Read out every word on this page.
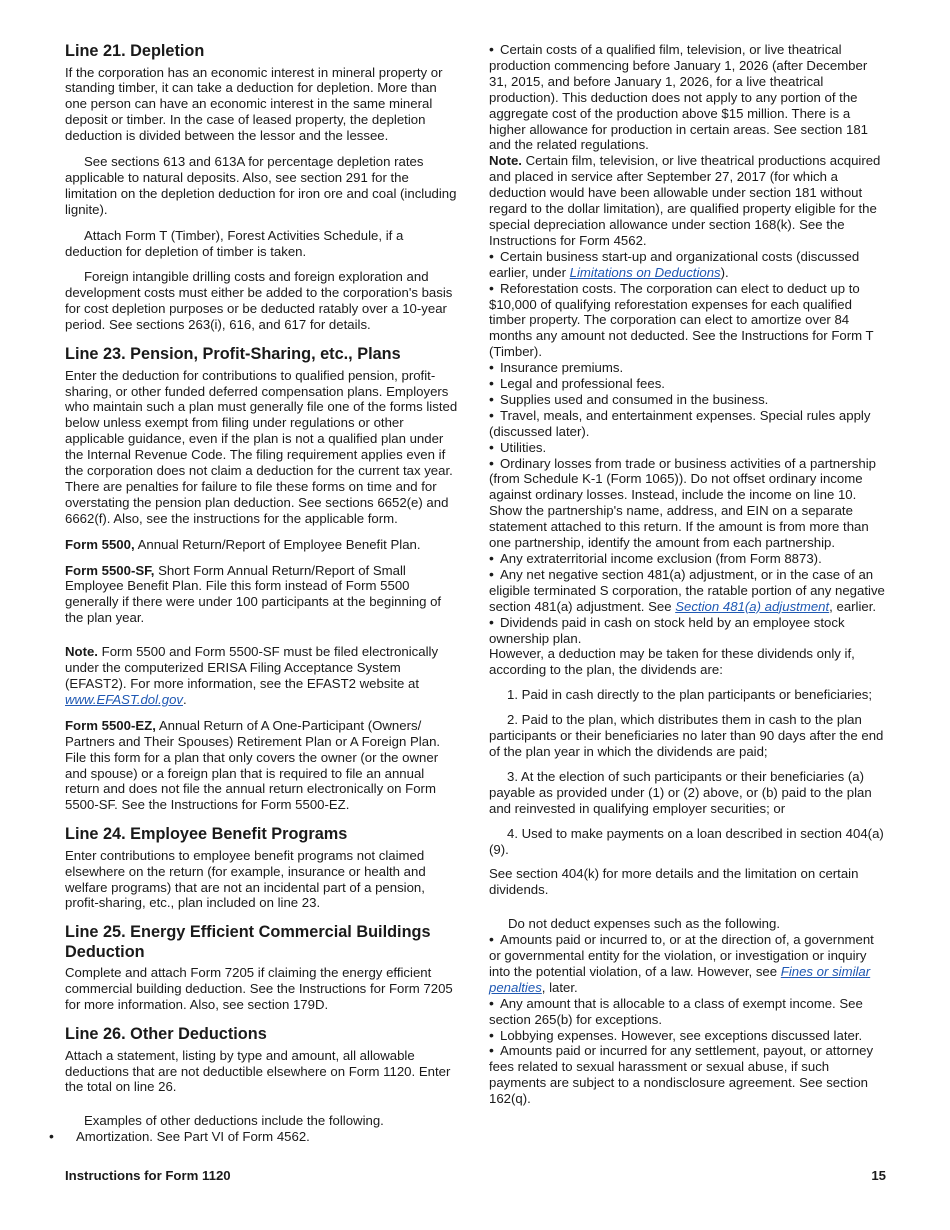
Line 21. Depletion

If the corporation has an economic interest in mineral property or standing timber, it can take a deduction for depletion. More than one person can have an economic interest in the same mineral deposit or timber. In the case of leased property, the depletion deduction is divided between the lessor and the lessee.

See sections 613 and 613A for percentage depletion rates applicable to natural deposits. Also, see section 291 for the limitation on the depletion deduction for iron ore and coal (including lignite).

Attach Form T (Timber), Forest Activities Schedule, if a deduction for depletion of timber is taken.

Foreign intangible drilling costs and foreign exploration and development costs must either be added to the corporation's basis for cost depletion purposes or be deducted ratably over a 10-year period. See sections 263(i), 616, and 617 for details.

Line 23. Pension, Profit-Sharing, etc., Plans

Enter the deduction for contributions to qualified pension, profit-sharing, or other funded deferred compensation plans. Employers who maintain such a plan must generally file one of the forms listed below unless exempt from filing under regulations or other applicable guidance, even if the plan is not a qualified plan under the Internal Revenue Code. The filing requirement applies even if the corporation does not claim a deduction for the current tax year. There are penalties for failure to file these forms on time and for overstating the pension plan deduction. See sections 6652(e) and 6662(f). Also, see the instructions for the applicable form.

Form 5500, Annual Return/Report of Employee Benefit Plan.

Form 5500-SF, Short Form Annual Return/Report of Small Employee Benefit Plan. File this form instead of Form 5500 generally if there were under 100 participants at the beginning of the plan year.

Note. Form 5500 and Form 5500-SF must be filed electronically under the computerized ERISA Filing Acceptance System (EFAST2). For more information, see the EFAST2 website at www.EFAST.dol.gov.

Form 5500-EZ, Annual Return of A One-Participant (Owners/ Partners and Their Spouses) Retirement Plan or A Foreign Plan. File this form for a plan that only covers the owner (or the owner and spouse) or a foreign plan that is required to file an annual return and does not file the annual return electronically on Form 5500-SF. See the Instructions for Form 5500-EZ.

Line 24. Employee Benefit Programs

Enter contributions to employee benefit programs not claimed elsewhere on the return (for example, insurance or health and welfare programs) that are not an incidental part of a pension, profit-sharing, etc., plan included on line 23.

Line 25. Energy Efficient Commercial Buildings Deduction

Complete and attach Form 7205 if claiming the energy efficient commercial building deduction. See the Instructions for Form 7205 for more information. Also, see section 179D.

Line 26. Other Deductions

Attach a statement, listing by type and amount, all allowable deductions that are not deductible elsewhere on Form 1120. Enter the total on line 26.

Examples of other deductions include the following.

• Amortization. See Part VI of Form 4562.

• Certain costs of a qualified film, television, or live theatrical production commencing before January 1, 2026 (after December 31, 2015, and before January 1, 2026, for a live theatrical production). This deduction does not apply to any portion of the aggregate cost of the production above $15 million. There is a higher allowance for production in certain areas. See section 181 and the related regulations.

Note. Certain film, television, or live theatrical productions acquired and placed in service after September 27, 2017 (for which a deduction would have been allowable under section 181 without regard to the dollar limitation), are qualified property eligible for the special depreciation allowance under section 168(k). See the Instructions for Form 4562.

• Certain business start-up and organizational costs (discussed earlier, under Limitations on Deductions).

• Reforestation costs. The corporation can elect to deduct up to $10,000 of qualifying reforestation expenses for each qualified timber property. The corporation can elect to amortize over 84 months any amount not deducted. See the Instructions for Form T (Timber).

• Insurance premiums.

• Legal and professional fees.

• Supplies used and consumed in the business.

• Travel, meals, and entertainment expenses. Special rules apply (discussed later).

• Utilities.

• Ordinary losses from trade or business activities of a partnership (from Schedule K-1 (Form 1065)). Do not offset ordinary income against ordinary losses. Instead, include the income on line 10. Show the partnership's name, address, and EIN on a separate statement attached to this return. If the amount is from more than one partnership, identify the amount from each partnership.

• Any extraterritorial income exclusion (from Form 8873).

• Any net negative section 481(a) adjustment, or in the case of an eligible terminated S corporation, the ratable portion of any negative section 481(a) adjustment. See Section 481(a) adjustment, earlier.

• Dividends paid in cash on stock held by an employee stock ownership plan.

However, a deduction may be taken for these dividends only if, according to the plan, the dividends are:

1. Paid in cash directly to the plan participants or beneficiaries;

2. Paid to the plan, which distributes them in cash to the plan participants or their beneficiaries no later than 90 days after the end of the plan year in which the dividends are paid;

3. At the election of such participants or their beneficiaries (a) payable as provided under (1) or (2) above, or (b) paid to the plan and reinvested in qualifying employer securities; or

4. Used to make payments on a loan described in section 404(a)(9).

See section 404(k) for more details and the limitation on certain dividends.

Do not deduct expenses such as the following.

• Amounts paid or incurred to, or at the direction of, a government or governmental entity for the violation, or investigation or inquiry into the potential violation, of a law. However, see Fines or similar penalties, later.

• Any amount that is allocable to a class of exempt income. See section 265(b) for exceptions.

• Lobbying expenses. However, see exceptions discussed later.

• Amounts paid or incurred for any settlement, payout, or attorney fees related to sexual harassment or sexual abuse, if such payments are subject to a nondisclosure agreement. See section 162(q).

Instructions for Form 1120	15
